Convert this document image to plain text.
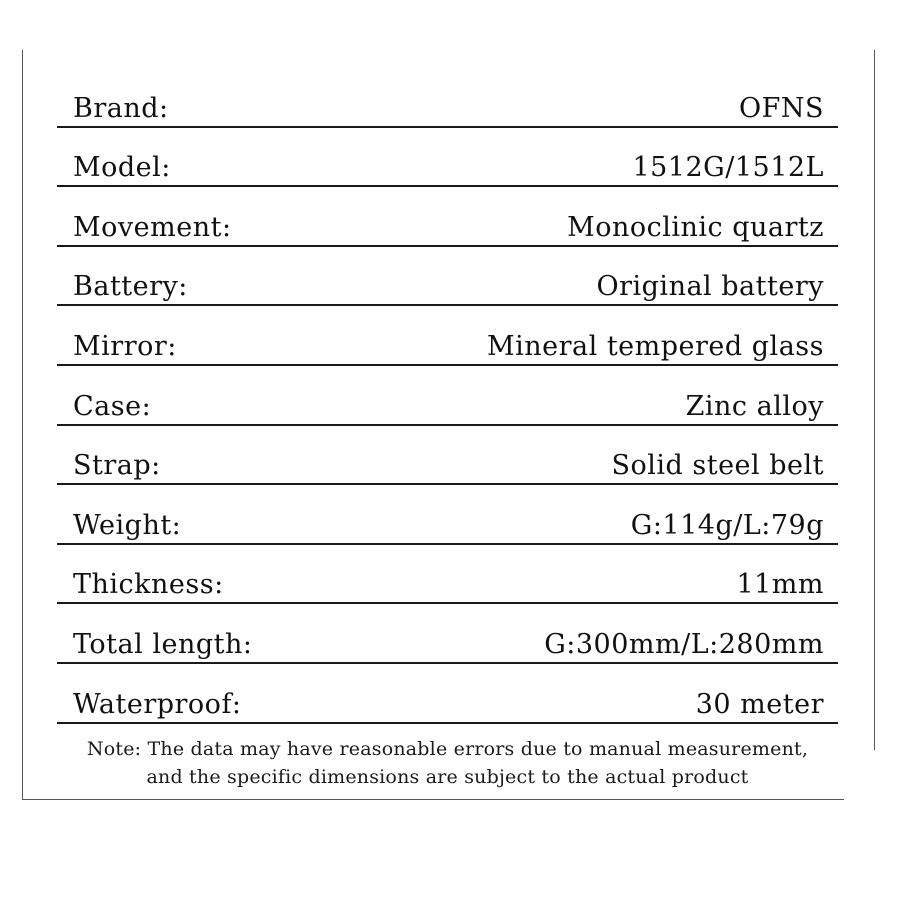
Brand:	OFNS
Model:	1512G/1512L
Movement:	Monoclinic quartz
Battery:	Original battery
Mirror:	Mineral tempered glass
Case:	Zinc alloy
Strap:	Solid steel belt
Weight:	G:114g/L:79g
Thickness:	11mm
Total length:	G:300mm/L:280mm
Waterproof:	30 meter
Note: The data may have reasonable errors due to manual measurement,
and the specific dimensions are subject to the actual product
